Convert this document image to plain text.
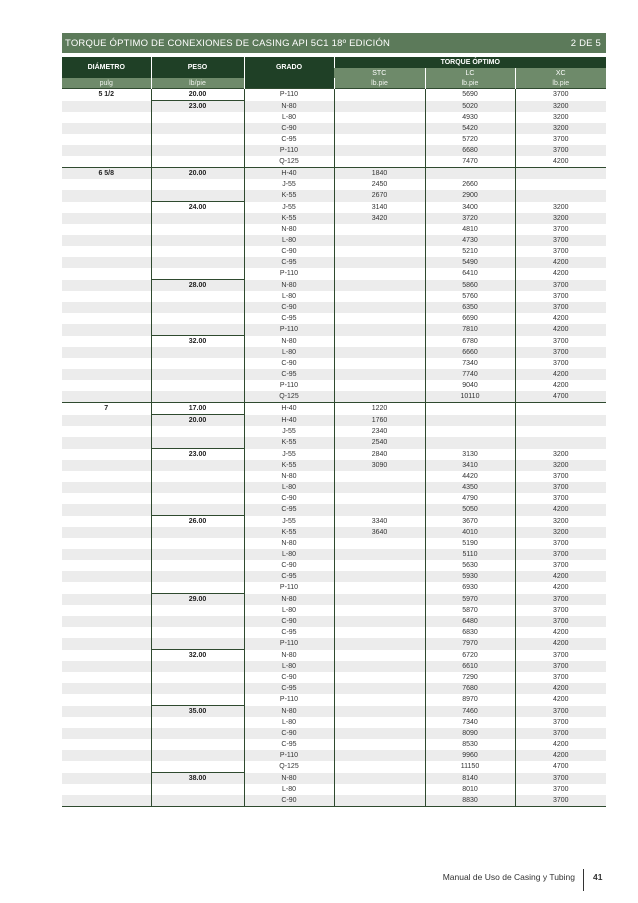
TORQUE ÓPTIMO DE CONEXIONES DE CASING API 5C1 18º EDICIÓN	2 DE 5
DIÁMETRO	PESO	GRADO	TORQUE ÓPTIMO		
			STC	LC	XC
pulg	lb/pie		lb.pie	lb.pie	lb.pie
5 1/2	20.00	P-110		5690	3700
	23.00	N-80		5020	3200
		L-80		4930	3200
		C-90		5420	3200
		C-95		5720	3700
		P-110		6680	3700
		Q-125		7470	4200
6 5/8	20.00	H-40	1840		
		J-55	2450	2660	
		K-55	2670	2900	
	24.00	J-55	3140	3400	3200
		K-55	3420	3720	3200
		N-80		4810	3700
		L-80		4730	3700
		C-90		5210	3700
		C-95		5490	4200
		P-110		6410	4200
	28.00	N-80		5860	3700
		L-80		5760	3700
		C-90		6350	3700
		C-95		6690	4200
		P-110		7810	4200
	32.00	N-80		6780	3700
		L-80		6660	3700
		C-90		7340	3700
		C-95		7740	4200
		P-110		9040	4200
		Q-125		10110	4700
7	17.00	H-40	1220		
	20.00	H-40	1760		
		J-55	2340		
		K-55	2540		
	23.00	J-55	2840	3130	3200
		K-55	3090	3410	3200
		N-80		4420	3700
		L-80		4350	3700
		C-90		4790	3700
		C-95		5050	4200
	26.00	J-55	3340	3670	3200
		K-55	3640	4010	3200
		N-80		5190	3700
		L-80		5110	3700
		C-90		5630	3700
		C-95		5930	4200
		P-110		6930	4200
	29.00	N-80		5970	3700
		L-80		5870	3700
		C-90		6480	3700
		C-95		6830	4200
		P-110		7970	4200
	32.00	N-80		6720	3700
		L-80		6610	3700
		C-90		7290	3700
		C-95		7680	4200
		P-110		8970	4200
	35.00	N-80		7460	3700
		L-80		7340	3700
		C-90		8090	3700
		C-95		8530	4200
		P-110		9960	4200
		Q-125		11150	4700
	38.00	N-80		8140	3700
		L-80		8010	3700
		C-90		8830	3700
Manual de Uso de Casing y Tubing 41
